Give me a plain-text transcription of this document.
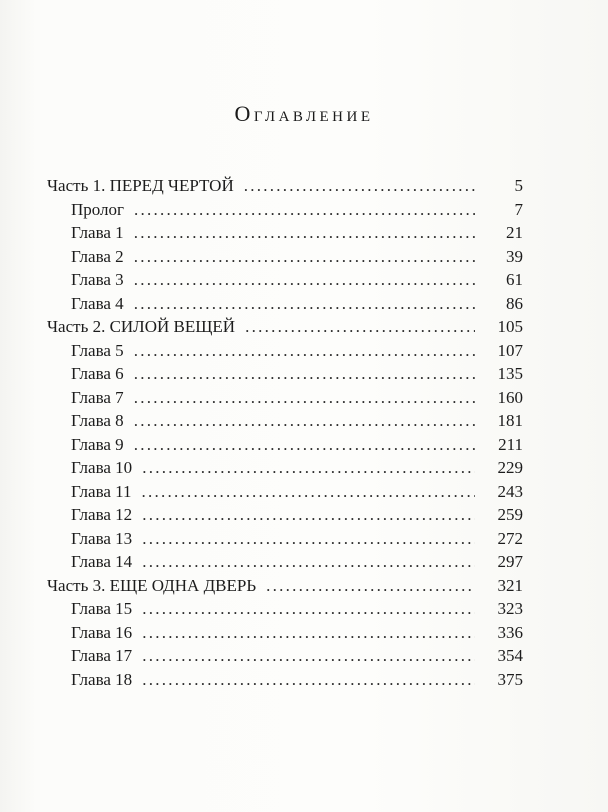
Оглавление
Часть 1. ПЕРЕД ЧЕРТОЙ . . .	5
Пролог . . .	7
Глава 1 . . .	21
Глава 2 . . .	39
Глава 3 . . .	61
Глава 4 . . .	86
Часть 2. СИЛОЙ ВЕЩЕЙ . . .	105
Глава 5 . . .	107
Глава 6 . . .	135
Глава 7 . . .	160
Глава 8 . . .	181
Глава 9 . . .	211
Глава 10 . . .	229
Глава 11 . . .	243
Глава 12 . . .	259
Глава 13 . . .	272
Глава 14 . . .	297
Часть 3. ЕЩЕ ОДНА ДВЕРЬ . . .	321
Глава 15 . . .	323
Глава 16 . . .	336
Глава 17 . . .	354
Глава 18 . . .	375
